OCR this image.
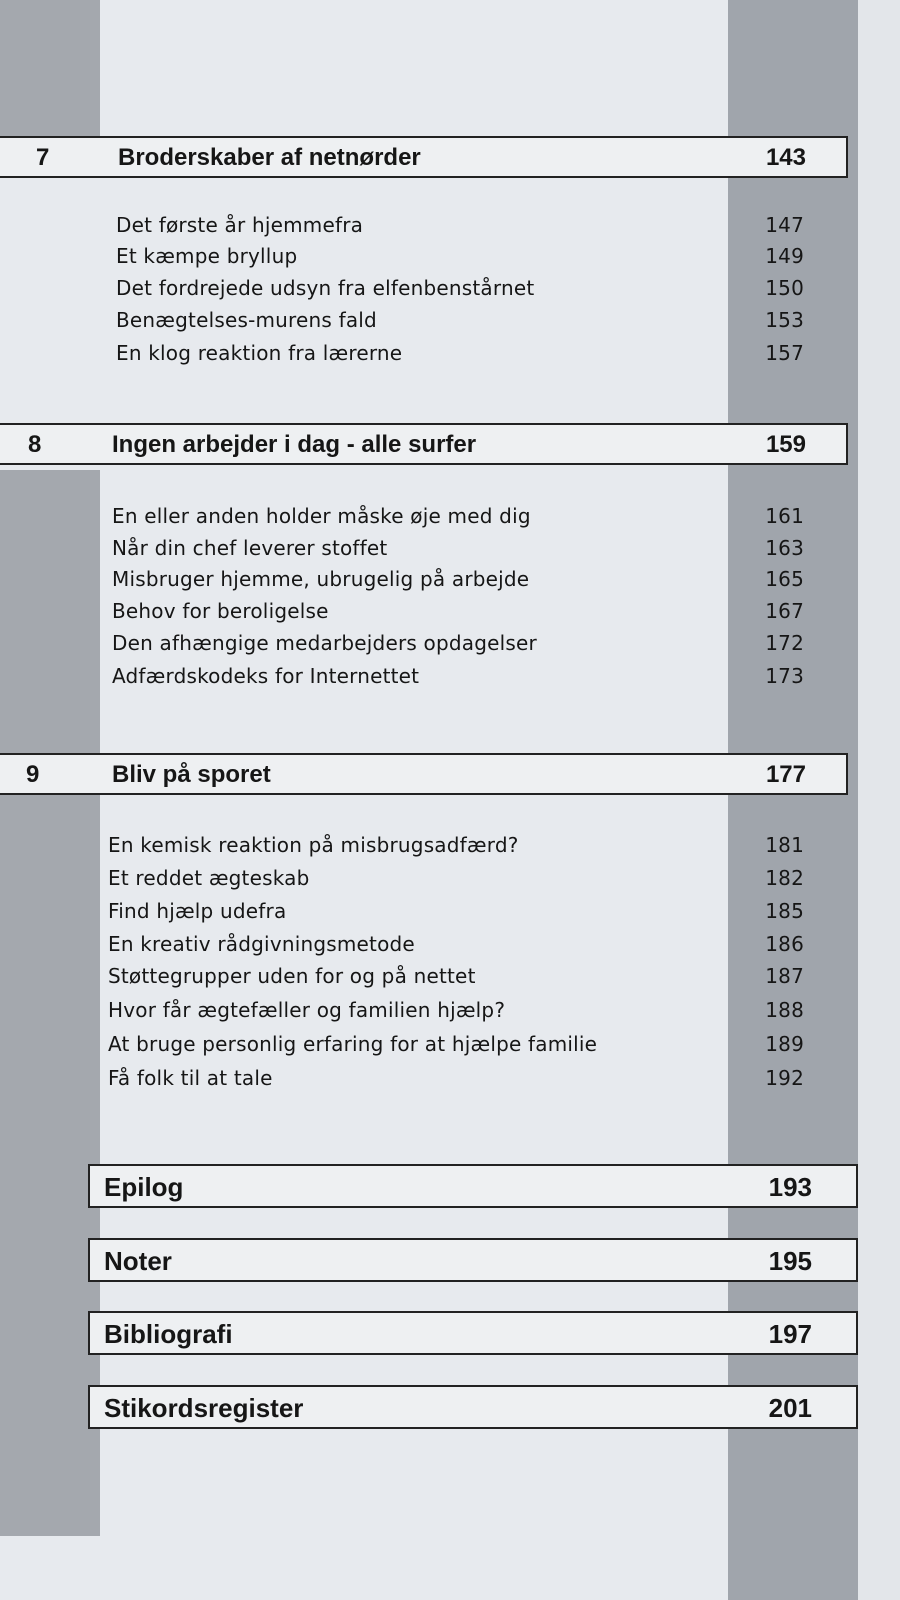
7	Broderskaber af netnørder	143
Det første år hjemmefra	147
Et kæmpe bryllup	149
Det fordrejede udsyn fra elfenbenstårnet	150
Benægtelses-murens fald	153
En klog reaktion fra lærerne	157
8	Ingen arbejder i dag - alle surfer	159
En eller anden holder måske øje med dig	161
Når din chef leverer stoffet	163
Misbruger hjemme, ubrugelig på arbejde	165
Behov for beroligelse	167
Den afhængige medarbejders opdagelser	172
Adfærdskodeks for Internettet	173
9	Bliv på sporet	177
En kemisk reaktion på misbrugsadfærd?	181
Et reddet ægteskab	182
Find hjælp udefra	185
En kreativ rådgivningsmetode	186
Støttegrupper uden for og på nettet	187
Hvor får ægtefæller og familien hjælp?	188
At bruge personlig erfaring for at hjælpe familie	189
Få folk til at tale	192
Epilog	193
Noter	195
Bibliografi	197
Stikordsregister	201
